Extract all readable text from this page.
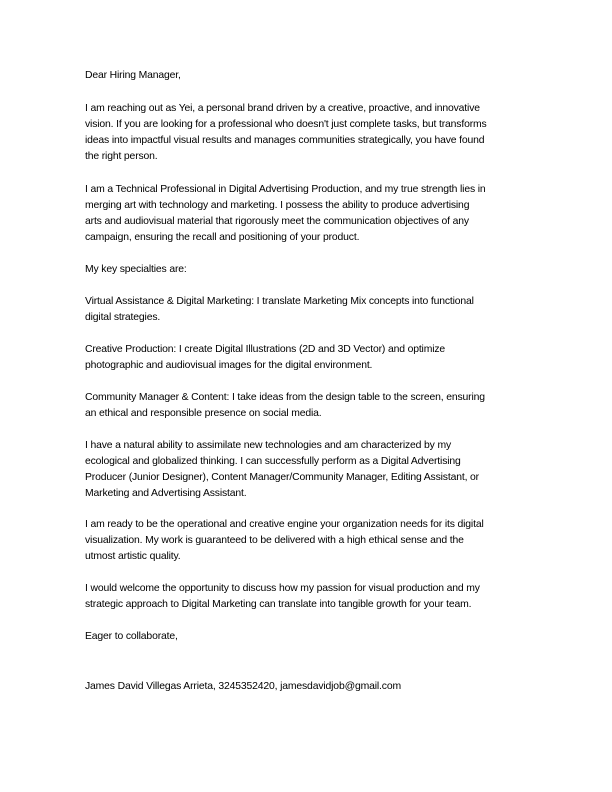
Dear Hiring Manager,
I am reaching out as Yei, a personal brand driven by a creative, proactive, and innovative
vision. If you are looking for a professional who doesn't just complete tasks, but transforms
ideas into impactful visual results and manages communities strategically, you have found
the right person.
I am a Technical Professional in Digital Advertising Production, and my true strength lies in
merging art with technology and marketing. I possess the ability to produce advertising
arts and audiovisual material that rigorously meet the communication objectives of any
campaign, ensuring the recall and positioning of your product.
My key specialties are:
Virtual Assistance & Digital Marketing: I translate Marketing Mix concepts into functional
digital strategies.
Creative Production: I create Digital Illustrations (2D and 3D Vector) and optimize
photographic and audiovisual images for the digital environment.
Community Manager & Content: I take ideas from the design table to the screen, ensuring
an ethical and responsible presence on social media.
I have a natural ability to assimilate new technologies and am characterized by my
ecological and globalized thinking. I can successfully perform as a Digital Advertising
Producer (Junior Designer), Content Manager/Community Manager, Editing Assistant, or
Marketing and Advertising Assistant.
I am ready to be the operational and creative engine your organization needs for its digital
visualization. My work is guaranteed to be delivered with a high ethical sense and the
utmost artistic quality.
I would welcome the opportunity to discuss how my passion for visual production and my
strategic approach to Digital Marketing can translate into tangible growth for your team.
Eager to collaborate,
James David Villegas Arrieta, 3245352420, jamesdavidjob@gmail.com
